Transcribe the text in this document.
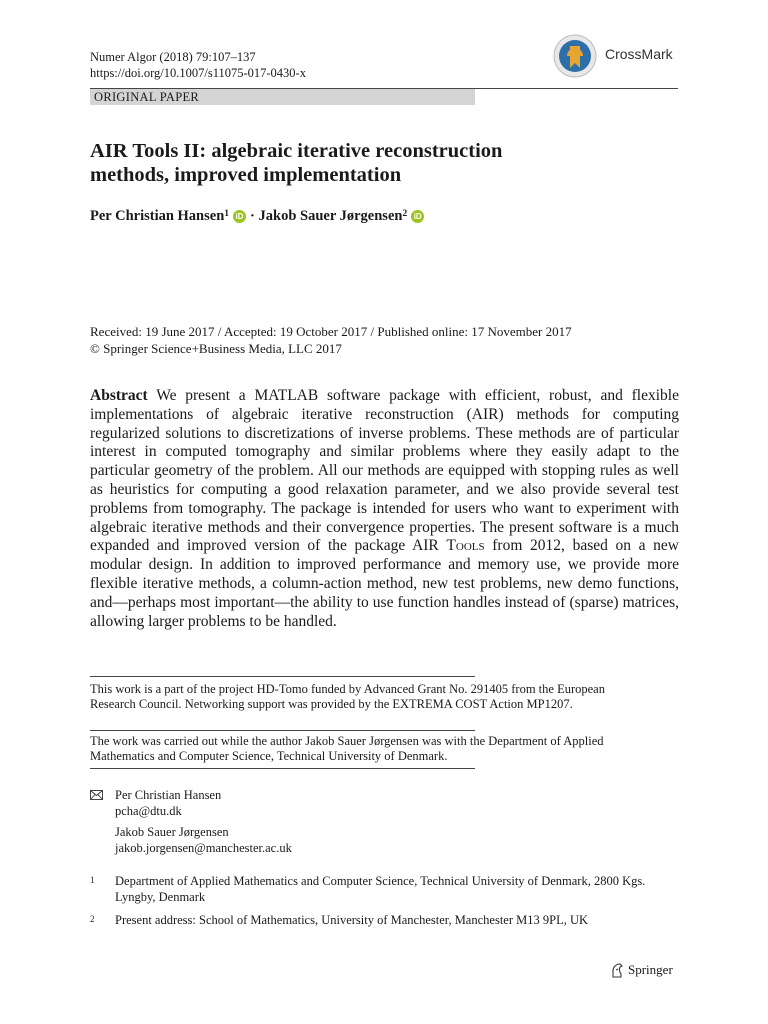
Numer Algor (2018) 79:107–137
https://doi.org/10.1007/s11075-017-0430-x
CrossMark
ORIGINAL PAPER
AIR Tools II: algebraic iterative reconstruction
methods, improved implementation
Per Christian Hansen$^1$ iD ·
Jakob Sauer Jørgensen$^2$ iD
Received: 19 June 2017 / Accepted: 19 October 2017 / Published online: 17 November 2017
© Springer Science+Business Media, LLC 2017
Abstract We present a MATLAB software package with efficient, robust, and flexible implementations of algebraic iterative reconstruction (AIR) methods for computing regularized solutions to discretizations of inverse problems. These methods are of particular interest in computed tomography and similar problems where they easily adapt to the particular geometry of the problem. All our methods are equipped with stopping rules as well as heuristics for computing a good relaxation parameter, and we also provide several test problems from tomography. The package is intended for users who want to experiment with algebraic iterative methods and their convergence properties. The present software is a much expanded and improved version of the package AIR Tools from 2012, based on a new modular design. In addition to improved performance and memory use, we provide more flexible iterative methods, a column-action method, new test problems, new demo functions, and—perhaps most important—the ability to use function handles instead of (sparse) matrices, allowing larger problems to be handled.
This work is a part of the project HD-Tomo funded by Advanced Grant No. 291405 from the European Research Council. Networking support was provided by the EXTREMA COST Action MP1207.
The work was carried out while the author Jakob Sauer Jørgensen was with the Department of Applied Mathematics and Computer Science, Technical University of Denmark.
Per Christian Hansen
pcha@dtu.dk
Jakob Sauer Jørgensen
jakob.jorgensen@manchester.ac.uk
1 Department of Applied Mathematics and Computer Science, Technical University of Denmark, 2800 Kgs. Lyngby, Denmark
2 Present address: School of Mathematics, University of Manchester, Manchester M13 9PL, UK
Springer
